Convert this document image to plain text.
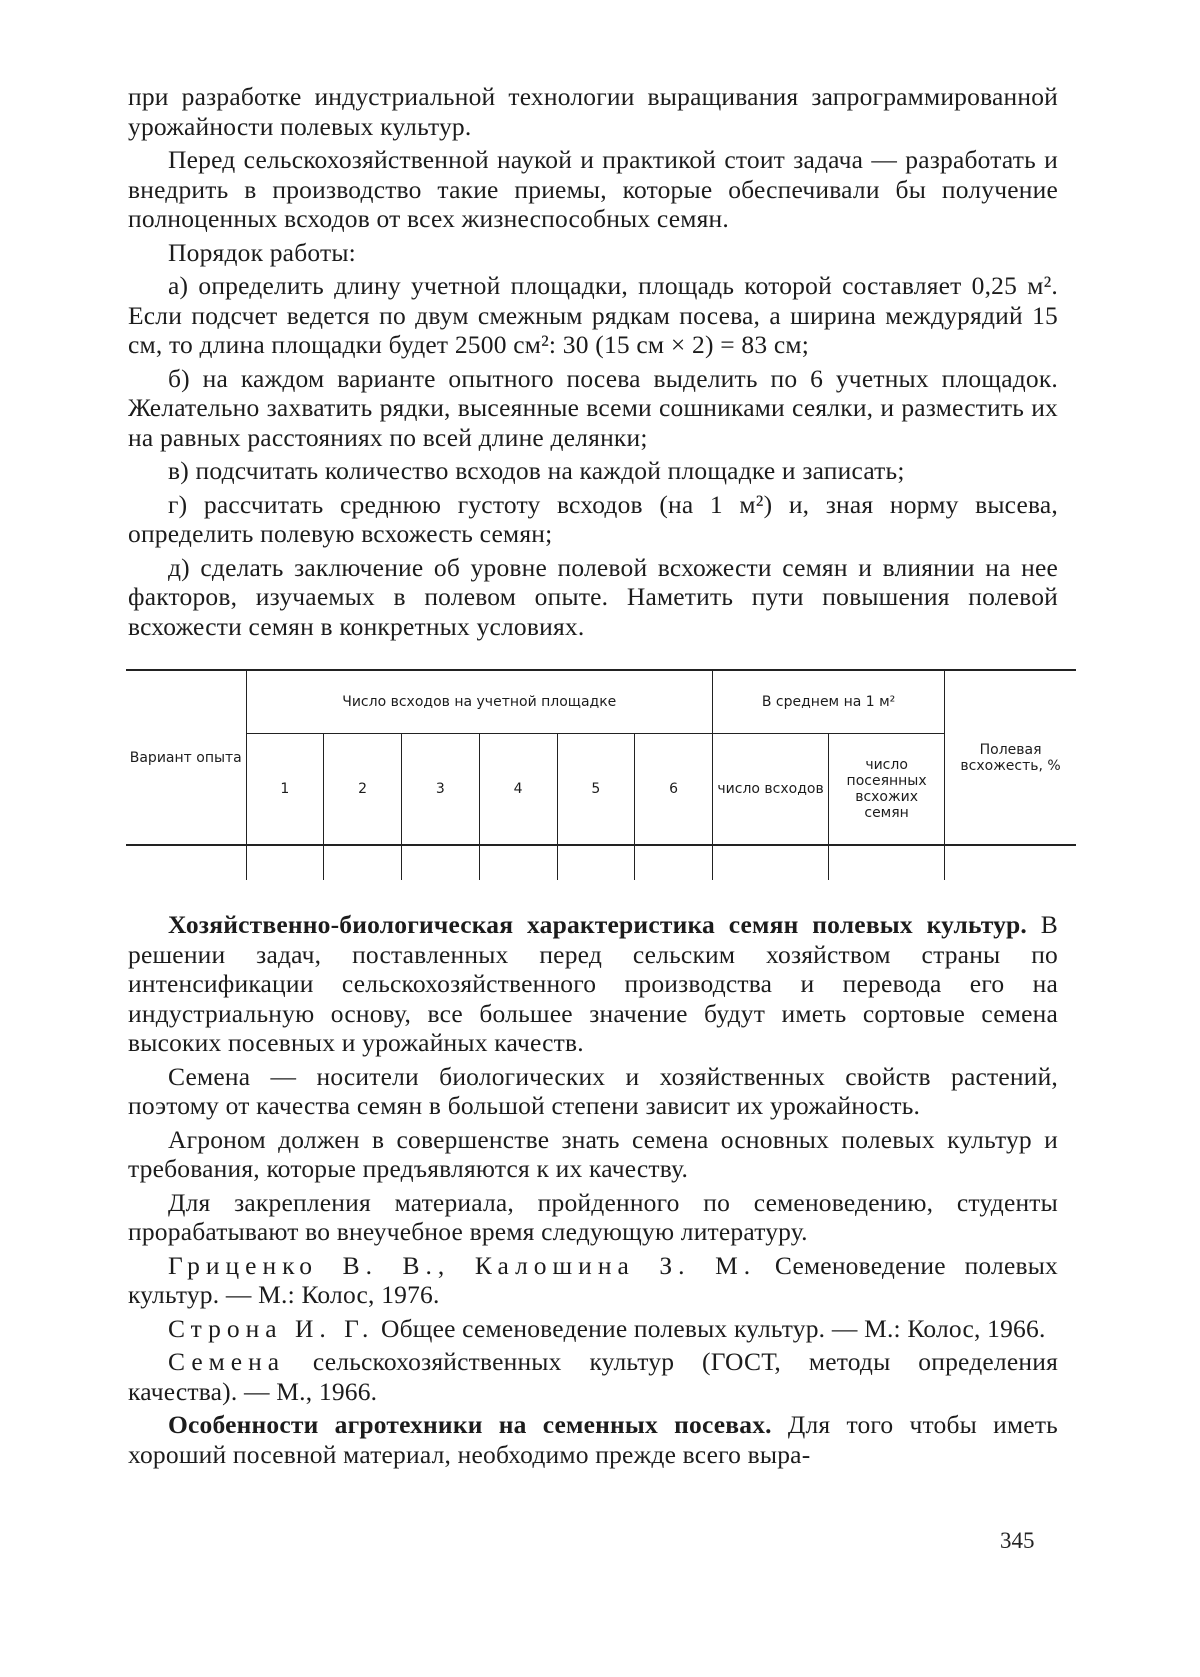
при разработке индустриальной технологии выращивания запрограммированной урожайности полевых культур.

Перед сельскохозяйственной наукой и практикой стоит задача — разработать и внедрить в производство такие приемы, которые обеспечивали бы получение полноценных всходов от всех жизнеспособных семян.

Порядок работы:

а) определить длину учетной площадки, площадь которой составляет 0,25 м². Если подсчет ведется по двум смежным рядкам посева, а ширина междурядий 15 см, то длина площадки будет 2500 см²: 30 (15 см × 2) = 83 см;

б) на каждом варианте опытного посева выделить по 6 учетных площадок. Желательно захватить рядки, высеянные всеми сошниками сеялки, и разместить их на равных расстояниях по всей длине делянки;

в) подсчитать количество всходов на каждой площадке и записать;

г) рассчитать среднюю густоту всходов (на 1 м²) и, зная норму высева, определить полевую всхожесть семян;

д) сделать заключение об уровне полевой всхожести семян и влиянии на нее факторов, изучаемых в полевом опыте. Наметить пути повышения полевой всхожести семян в конкретных условиях.

Вариант опыта	Число всходов на учетной площадке						В среднем на 1 м²		Полевая всхожесть, %
	1	2	3	4	5	6	число всходов	число посеянных всхожих семян	

Хозяйственно-биологическая характеристика семян полевых культур. В решении задач, поставленных перед сельским хозяйством страны по интенсификации сельскохозяйственного производства и перевода его на индустриальную основу, все большее значение будут иметь сортовые семена высоких посевных и урожайных качеств.

Семена — носители биологических и хозяйственных свойств растений, поэтому от качества семян в большой степени зависит их урожайность.

Агроном должен в совершенстве знать семена основных полевых культур и требования, которые предъявляются к их качеству.

Для закрепления материала, пройденного по семеноведению, студенты прорабатывают во внеучебное время следующую литературу.

Гриценко В. В., Калошина З. М. Семеноведение полевых культур. — М.: Колос, 1976.

Строна И. Г. Общее семеноведение полевых культур. — М.: Колос, 1966.

Семена сельскохозяйственных культур (ГОСТ, методы определения качества). — М., 1966.

Особенности агротехники на семенных посевах. Для того чтобы иметь хороший посевной материал, необходимо прежде всего выра-

345
